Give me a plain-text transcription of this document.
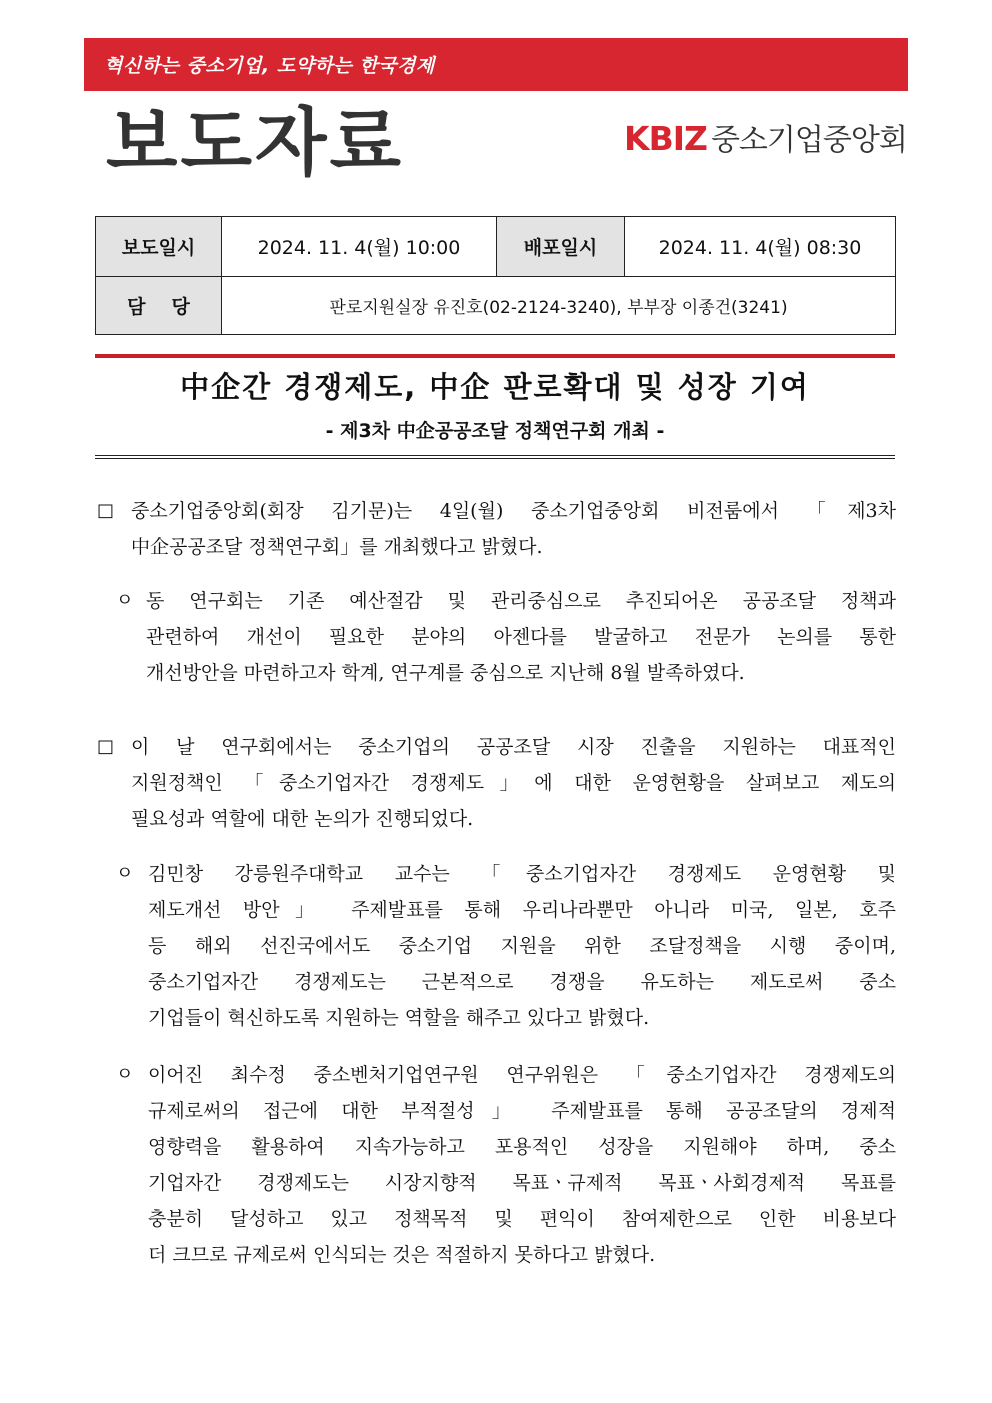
혁신하는 중소기업, 도약하는 한국경제
보도자료	KBIZ 중소기업중앙회
보도일시	2024. 11. 4(월) 10:00	배포일시	2024. 11. 4(월) 08:30
담당	판로지원실장 유진호(02-2124-3240), 부부장 이종건(3241)		
中企간 경쟁제도, 中企 판로확대 및 성장 기여
- 제3차 中企공공조달 정책연구회 개최 -
□ 중소기업중앙회(회장 김기문)는 4일(월) 중소기업중앙회 비전룸에서 「제3차

中企공공조달 정책연구회」를 개최했다고 밝혔다.

ㅇ 동 연구회는 기존 예산절감 및 관리중심으로 추진되어온 공공조달 정책과

관련하여 개선이 필요한 분야의 아젠다를 발굴하고 전문가 논의를 통한

개선방안을 마련하고자 학계, 연구계를 중심으로 지난해 8월 발족하였다.

□ 이 날 연구회에서는 중소기업의 공공조달 시장 진출을 지원하는 대표적인

지원정책인 「중소기업자간 경쟁제도」에 대한 운영현황을 살펴보고 제도의

필요성과 역할에 대한 논의가 진행되었다.

ㅇ 김민창 강릉원주대학교 교수는 「중소기업자간 경쟁제도 운영현황 및

제도개선 방안」 주제발표를 통해 우리나라뿐만 아니라 미국, 일본, 호주

등 해외 선진국에서도 중소기업 지원을 위한 조달정책을 시행 중이며,

중소기업자간 경쟁제도는 근본적으로 경쟁을 유도하는 제도로써 중소

기업들이 혁신하도록 지원하는 역할을 해주고 있다고 밝혔다.

ㅇ 이어진 최수정 중소벤처기업연구원 연구위원은 「중소기업자간 경쟁제도의

규제로써의 접근에 대한 부적절성」 주제발표를 통해 공공조달의 경제적

영향력을 활용하여 지속가능하고 포용적인 성장을 지원해야 하며, 중소

기업자간 경쟁제도는 시장지향적 목표ㆍ규제적 목표ㆍ사회경제적 목표를

충분히 달성하고 있고 정책목적 및 편익이 참여제한으로 인한 비용보다

더 크므로 규제로써 인식되는 것은 적절하지 못하다고 밝혔다.
